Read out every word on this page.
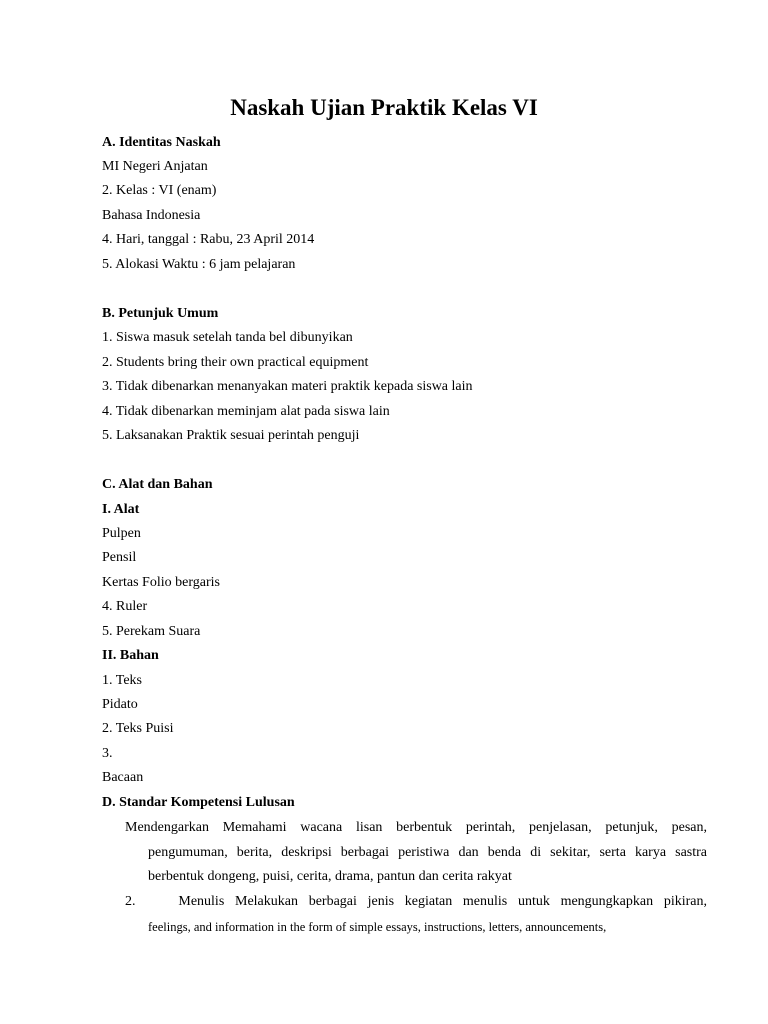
Naskah Ujian Praktik Kelas VI

A. Identitas Naskah

MI Negeri Anjatan

2. Kelas : VI (enam)

Bahasa Indonesia

4. Hari, tanggal : Rabu, 23 April 2014

5. Alokasi Waktu : 6 jam pelajaran

B. Petunjuk Umum

1. Siswa masuk setelah tanda bel dibunyikan

2. Students bring their own practical equipment

3. Tidak dibenarkan menanyakan materi praktik kepada siswa lain

4. Tidak dibenarkan meminjam alat pada siswa lain

5. Laksanakan Praktik sesuai perintah penguji

C. Alat dan Bahan

I. Alat

Pulpen

Pensil

Kertas Folio bergaris

4. Ruler

5. Perekam Suara

II. Bahan

1. Teks

Pidato

2. Teks Puisi

3.

Bacaan

D. Standar Kompetensi Lulusan

Mendengarkan Memahami wacana lisan berbentuk perintah, penjelasan, petunjuk, pesan,
pengumuman, berita, deskripsi berbagai peristiwa dan benda di sekitar, serta karya sastra
berbentuk dongeng, puisi, cerita, drama, pantun dan cerita rakyat
2.    Menulis Melakukan berbagai jenis kegiatan menulis untuk mengungkapkan pikiran,
feelings, and information in the form of simple essays, instructions, letters, announcements,
